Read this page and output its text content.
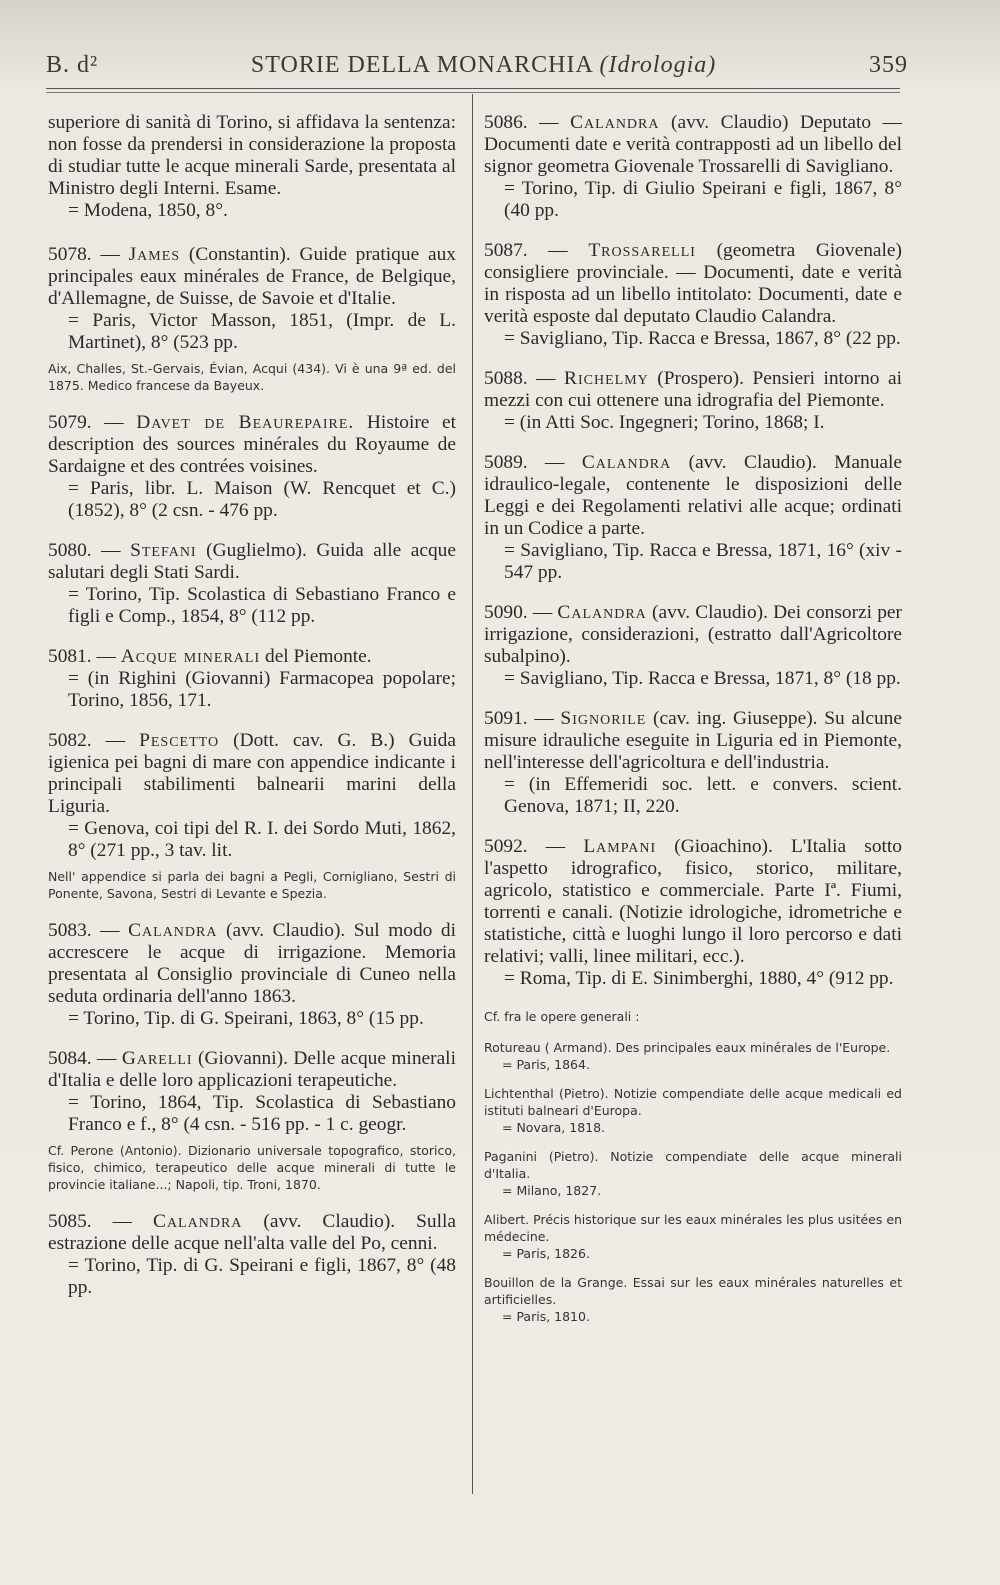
B. d²	STORIE DELLA MONARCHIA (Idrologia)	359

superiore di sanità di Torino, si affidava la sentenza: non fosse da prendersi in considerazione la proposta di studiar tutte le acque minerali Sarde, presentata al Ministro degli Interni. Esame.

= Modena, 1850, 8°.

5078. — James (Constantin). Guide pratique aux principales eaux minérales de France, de Belgique, d'Allemagne, de Suisse, de Savoie et d'Italie.

= Paris, Victor Masson, 1851, (Impr. de L. Martinet), 8° (523 pp.

Aix, Challes, St.-Gervais, Évian, Acqui (434). Vi è una 9ª ed. del 1875. Medico francese da Bayeux.

5079. — Davet de Beaurepaire. Histoire et description des sources minérales du Royaume de Sardaigne et des contrées voisines.

= Paris, libr. L. Maison (W. Rencquet et C.) (1852), 8° (2 csn. - 476 pp.

5080. — Stefani (Guglielmo). Guida alle acque salutari degli Stati Sardi.

= Torino, Tip. Scolastica di Sebastiano Franco e figli e Comp., 1854, 8° (112 pp.

5081. — Acque minerali del Piemonte.

= (in Righini (Giovanni) Farmacopea popolare; Torino, 1856, 171.

5082. — Pescetto (Dott. cav. G. B.) Guida igienica pei bagni di mare con appendice indicante i principali stabilimenti balnearii marini della Liguria.

= Genova, coi tipi del R. I. dei Sordo Muti, 1862, 8° (271 pp., 3 tav. lit.

Nell' appendice si parla dei bagni a Pegli, Cornigliano, Sestri di Ponente, Savona, Sestri di Levante e Spezia.

5083. — Calandra (avv. Claudio). Sul modo di accrescere le acque di irrigazione. Memoria presentata al Consiglio provinciale di Cuneo nella seduta ordinaria dell'anno 1863.

= Torino, Tip. di G. Speirani, 1863, 8° (15 pp.

5084. — Garelli (Giovanni). Delle acque minerali d'Italia e delle loro applicazioni terapeutiche.

= Torino, 1864, Tip. Scolastica di Sebastiano Franco e f., 8° (4 csn. - 516 pp. - 1 c. geogr.

Cf. Perone (Antonio). Dizionario universale topografico, storico, fisico, chimico, terapeutico delle acque minerali di tutte le provincie italiane...; Napoli, tip. Troni, 1870.

5085. — Calandra (avv. Claudio). Sulla estrazione delle acque nell'alta valle del Po, cenni.

= Torino, Tip. di G. Speirani e figli, 1867, 8° (48 pp.

5086. — Calandra (avv. Claudio) Deputato — Documenti date e verità contrapposti ad un libello del signor geometra Giovenale Trossarelli di Savigliano.

= Torino, Tip. di Giulio Speirani e figli, 1867, 8° (40 pp.

5087. — Trossarelli (geometra Giovenale) consigliere provinciale. — Documenti, date e verità in risposta ad un libello intitolato: Documenti, date e verità esposte dal deputato Claudio Calandra.

= Savigliano, Tip. Racca e Bressa, 1867, 8° (22 pp.

5088. — Richelmy (Prospero). Pensieri intorno ai mezzi con cui ottenere una idrografia del Piemonte.

= (in Atti Soc. Ingegneri; Torino, 1868; I.

5089. — Calandra (avv. Claudio). Manuale idraulico-legale, contenente le disposizioni delle Leggi e dei Regolamenti relativi alle acque; ordinati in un Codice a parte.

= Savigliano, Tip. Racca e Bressa, 1871, 16° (xiv - 547 pp.

5090. — Calandra (avv. Claudio). Dei consorzi per irrigazione, considerazioni, (estratto dall'Agricoltore subalpino).

= Savigliano, Tip. Racca e Bressa, 1871, 8° (18 pp.

5091. — Signorile (cav. ing. Giuseppe). Su alcune misure idrauliche eseguite in Liguria ed in Piemonte, nell'interesse dell'agricoltura e dell'industria.

= (in Effemeridi soc. lett. e convers. scient. Genova, 1871; II, 220.

5092. — Lampani (Gioachino). L'Italia sotto l'aspetto idrografico, fisico, storico, militare, agricolo, statistico e commerciale. Parte Iª. Fiumi, torrenti e canali. (Notizie idrologiche, idrometriche e statistiche, città e luoghi lungo il loro percorso e dati relativi; valli, linee militari, ecc.).

= Roma, Tip. di E. Sinimberghi, 1880, 4° (912 pp.

Cf. fra le opere generali :

Rotureau ( Armand). Des principales eaux minérales de l'Europe.
= Paris, 1864.
Lichtenthal (Pietro). Notizie compendiate delle acque medicali ed istituti balneari d'Europa.
= Novara, 1818.
Paganini (Pietro). Notizie compendiate delle acque minerali d'Italia.
= Milano, 1827.
Alibert. Précis historique sur les eaux minérales les plus usitées en médecine.
= Paris, 1826.
Bouillon de la Grange. Essai sur les eaux minérales naturelles et artificielles.
= Paris, 1810.
